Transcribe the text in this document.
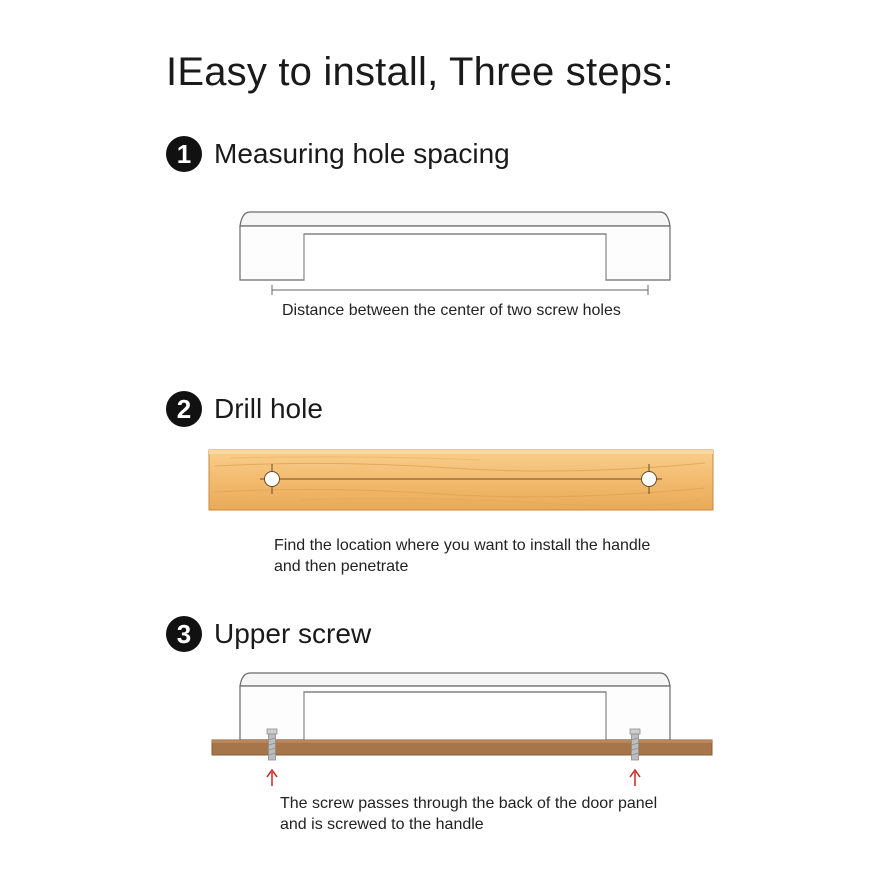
IEasy to install, Three steps:
1 Measuring hole spacing
Distance between the center of two screw holes
2 Drill hole
Find the location where you want to install the handle
and then penetrate
3 Upper screw
The screw passes through the back of the door panel
and is screwed to the handle
